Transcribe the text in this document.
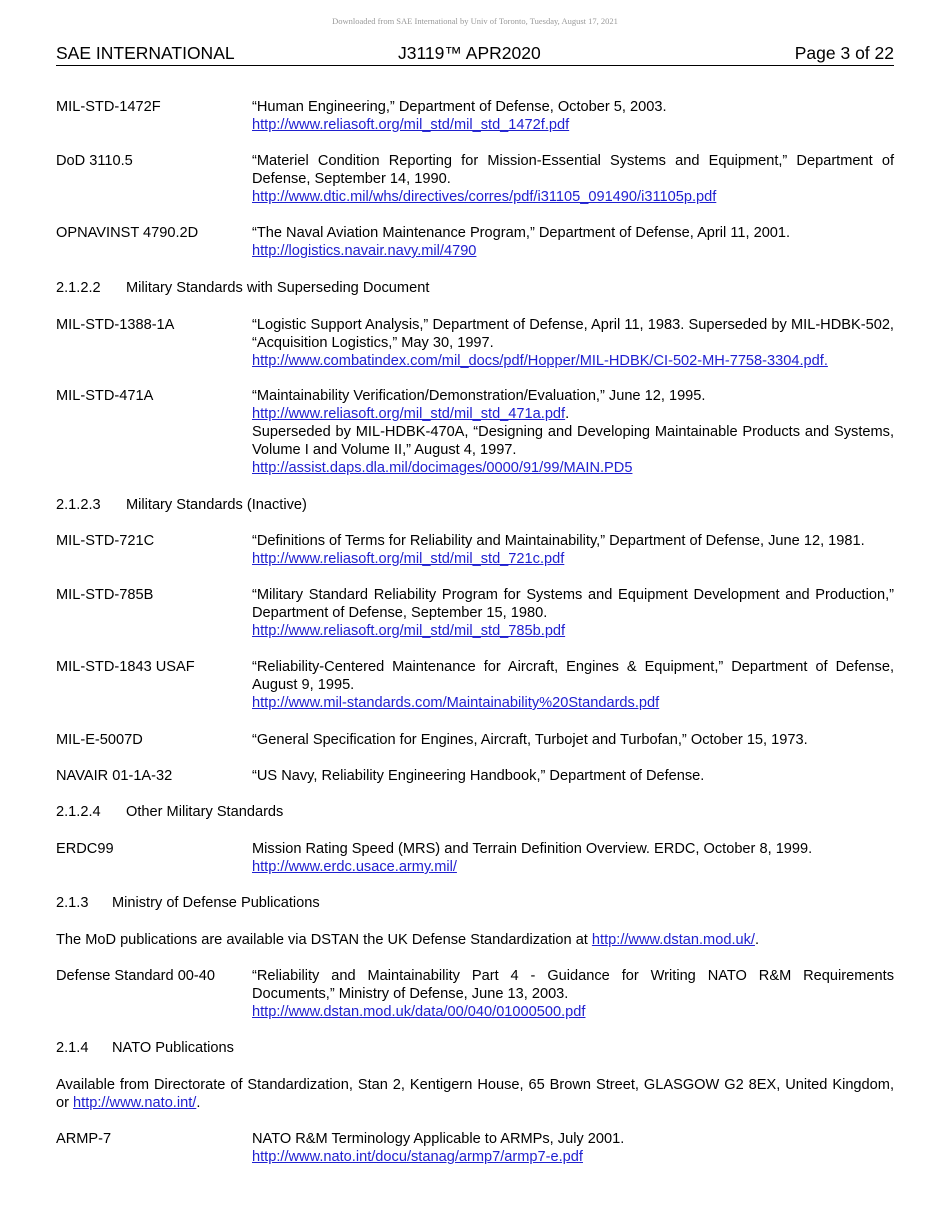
Downloaded from SAE International by Univ of Toronto, Tuesday, August 17, 2021
SAE INTERNATIONAL	J3119™ APR2020	Page 3 of 22
MIL-STD-1472F	“Human Engineering,” Department of Defense, October 5, 2003.
http://www.reliasoft.org/mil_std/mil_std_1472f.pdf
DoD 3110.5	“Materiel Condition Reporting for Mission-Essential Systems and Equipment,” Department of Defense, September 14, 1990.
http://www.dtic.mil/whs/directives/corres/pdf/i31105_091490/i31105p.pdf
OPNAVINST 4790.2D	“The Naval Aviation Maintenance Program,” Department of Defense, April 11, 2001.
http://logistics.navair.navy.mil/4790
2.1.2.2 Military Standards with Superseding Document
MIL-STD-1388-1A	“Logistic Support Analysis,” Department of Defense, April 11, 1983. Superseded by MIL-HDBK-502, “Acquisition Logistics,” May 30, 1997.
http://www.combatindex.com/mil_docs/pdf/Hopper/MIL-HDBK/CI-502-MH-7758-3304.pdf.
MIL-STD-471A	“Maintainability Verification/Demonstration/Evaluation,” June 12, 1995.
http://www.reliasoft.org/mil_std/mil_std_471a.pdf.
Superseded by MIL-HDBK-470A, “Designing and Developing Maintainable Products and Systems, Volume I and Volume II,” August 4, 1997.
http://assist.daps.dla.mil/docimages/0000/91/99/MAIN.PD5
2.1.2.3 Military Standards (Inactive)
MIL-STD-721C	“Definitions of Terms for Reliability and Maintainability,” Department of Defense, June 12, 1981.
http://www.reliasoft.org/mil_std/mil_std_721c.pdf
MIL-STD-785B	“Military Standard Reliability Program for Systems and Equipment Development and Production,” Department of Defense, September 15, 1980.
http://www.reliasoft.org/mil_std/mil_std_785b.pdf
MIL-STD-1843 USAF	“Reliability-Centered Maintenance for Aircraft, Engines & Equipment,” Department of Defense, August 9, 1995.
http://www.mil-standards.com/Maintainability%20Standards.pdf
MIL-E-5007D	“General Specification for Engines, Aircraft, Turbojet and Turbofan,” October 15, 1973.
NAVAIR 01-1A-32	“US Navy, Reliability Engineering Handbook,” Department of Defense.
2.1.2.4 Other Military Standards
ERDC99	Mission Rating Speed (MRS) and Terrain Definition Overview. ERDC, October 8, 1999.
http://www.erdc.usace.army.mil/
2.1.3 Ministry of Defense Publications
The MoD publications are available via DSTAN the UK Defense Standardization at http://www.dstan.mod.uk/.
Defense Standard 00-40	“Reliability and Maintainability Part 4 - Guidance for Writing NATO R&M Requirements Documents,” Ministry of Defense, June 13, 2003.
http://www.dstan.mod.uk/data/00/040/01000500.pdf
2.1.4 NATO Publications
Available from Directorate of Standardization, Stan 2, Kentigern House, 65 Brown Street, GLASGOW G2 8EX, United Kingdom, or http://www.nato.int/.
ARMP-7	NATO R&M Terminology Applicable to ARMPs, July 2001.
http://www.nato.int/docu/stanag/armp7/armp7-e.pdf
